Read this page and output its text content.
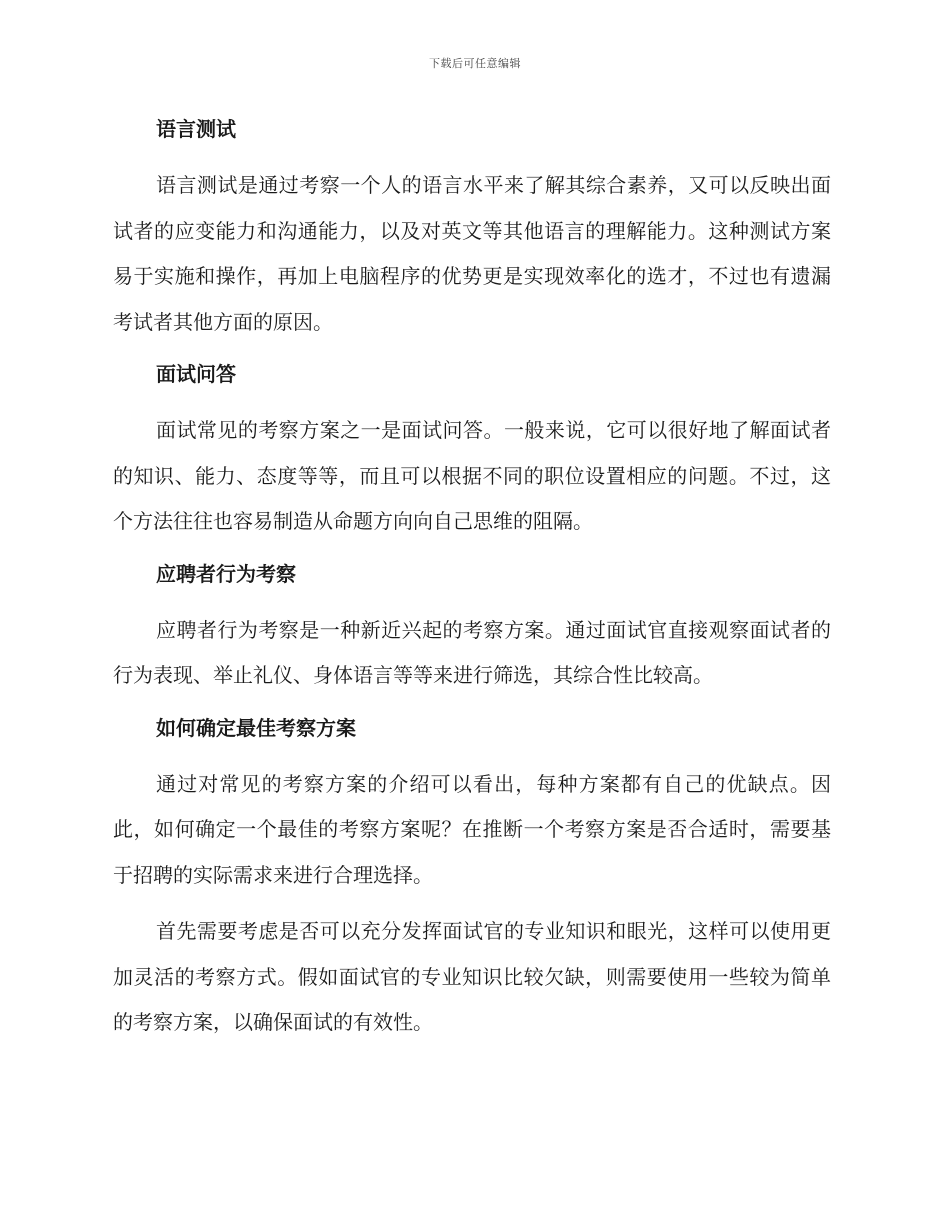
下载后可任意编辑
语言测试

语言测试是通过考察一个人的语言水平来了解其综合素养，又可以反映出面试者的应变能力和沟通能力，以及对英文等其他语言的理解能力。这种测试方案易于实施和操作，再加上电脑程序的优势更是实现效率化的选才，不过也有遗漏考试者其他方面的原因。

面试问答

面试常见的考察方案之一是面试问答。一般来说，它可以很好地了解面试者的知识、能力、态度等等，而且可以根据不同的职位设置相应的问题。不过，这个方法往往也容易制造从命题方向向自己思维的阻隔。

应聘者行为考察

应聘者行为考察是一种新近兴起的考察方案。通过面试官直接观察面试者的行为表现、举止礼仪、身体语言等等来进行筛选，其综合性比较高。

如何确定最佳考察方案

通过对常见的考察方案的介绍可以看出，每种方案都有自己的优缺点。因此，如何确定一个最佳的考察方案呢？在推断一个考察方案是否合适时，需要基于招聘的实际需求来进行合理选择。

首先需要考虑是否可以充分发挥面试官的专业知识和眼光，这样可以使用更加灵活的考察方式。假如面试官的专业知识比较欠缺，则需要使用一些较为简单的考察方案，以确保面试的有效性。
